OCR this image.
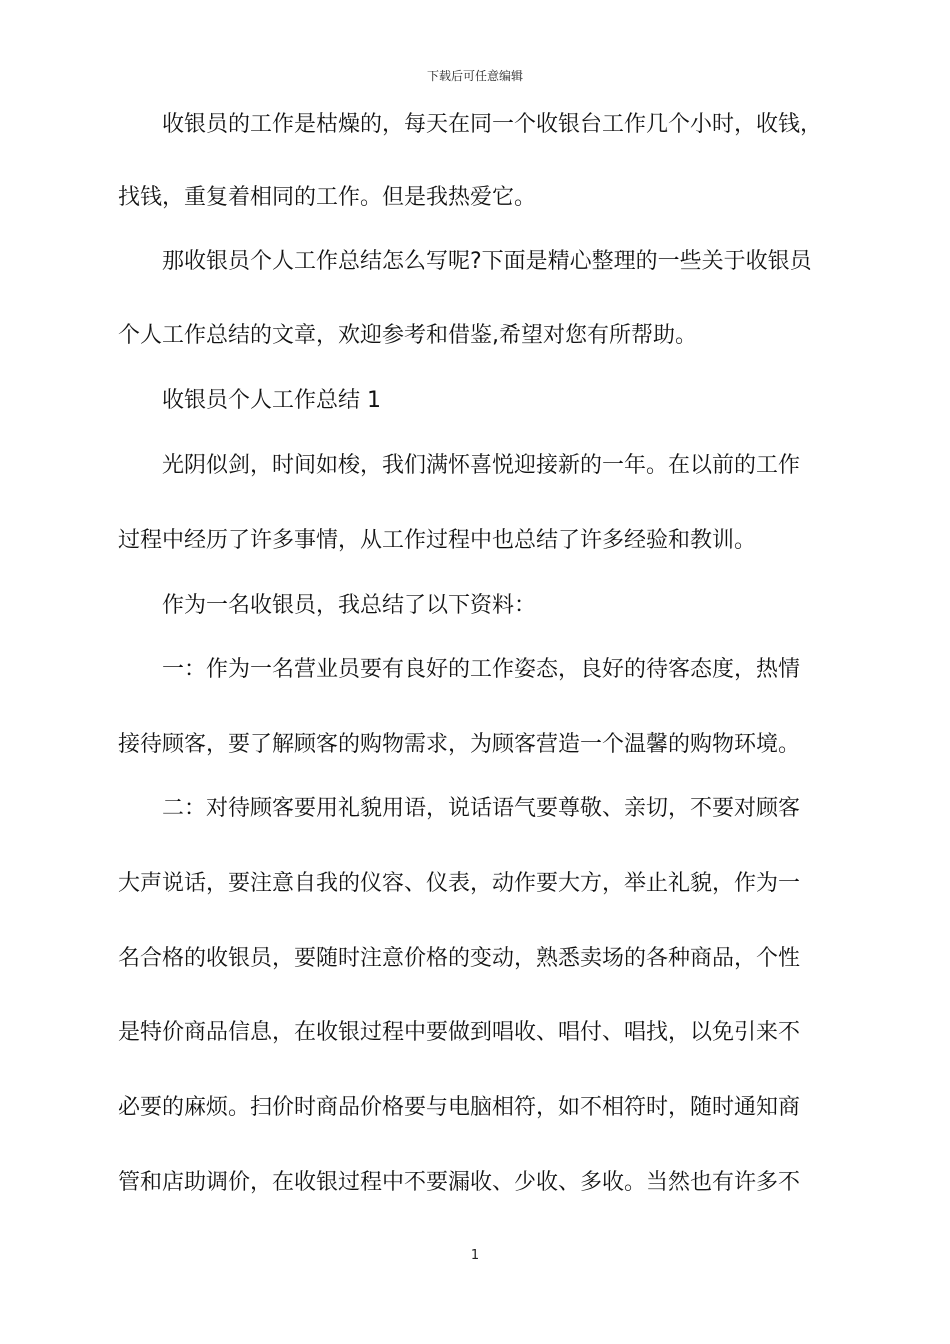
下载后可任意编辑
收银员的工作是枯燥的，每天在同一个收银台工作几个小时，收钱，
找钱，重复着相同的工作。但是我热爱它。
那收银员个人工作总结怎么写呢?下面是精心整理的一些关于收银员
个人工作总结的文章，欢迎参考和借鉴,希望对您有所帮助。
收银员个人工作总结 1
光阴似剑，时间如梭，我们满怀喜悦迎接新的一年。在以前的工作
过程中经历了许多事情，从工作过程中也总结了许多经验和教训。
作为一名收银员，我总结了以下资料：
一：作为一名营业员要有良好的工作姿态，良好的待客态度，热情
接待顾客，要了解顾客的购物需求，为顾客营造一个温馨的购物环境。
二：对待顾客要用礼貌用语，说话语气要尊敬、亲切，不要对顾客
大声说话，要注意自我的仪容、仪表，动作要大方，举止礼貌，作为一
名合格的收银员，要随时注意价格的变动，熟悉卖场的各种商品，个性
是特价商品信息，在收银过程中要做到唱收、唱付、唱找，以免引来不
必要的麻烦。扫价时商品价格要与电脑相符，如不相符时，随时通知商
管和店助调价，在收银过程中不要漏收、少收、多收。当然也有许多不
1
